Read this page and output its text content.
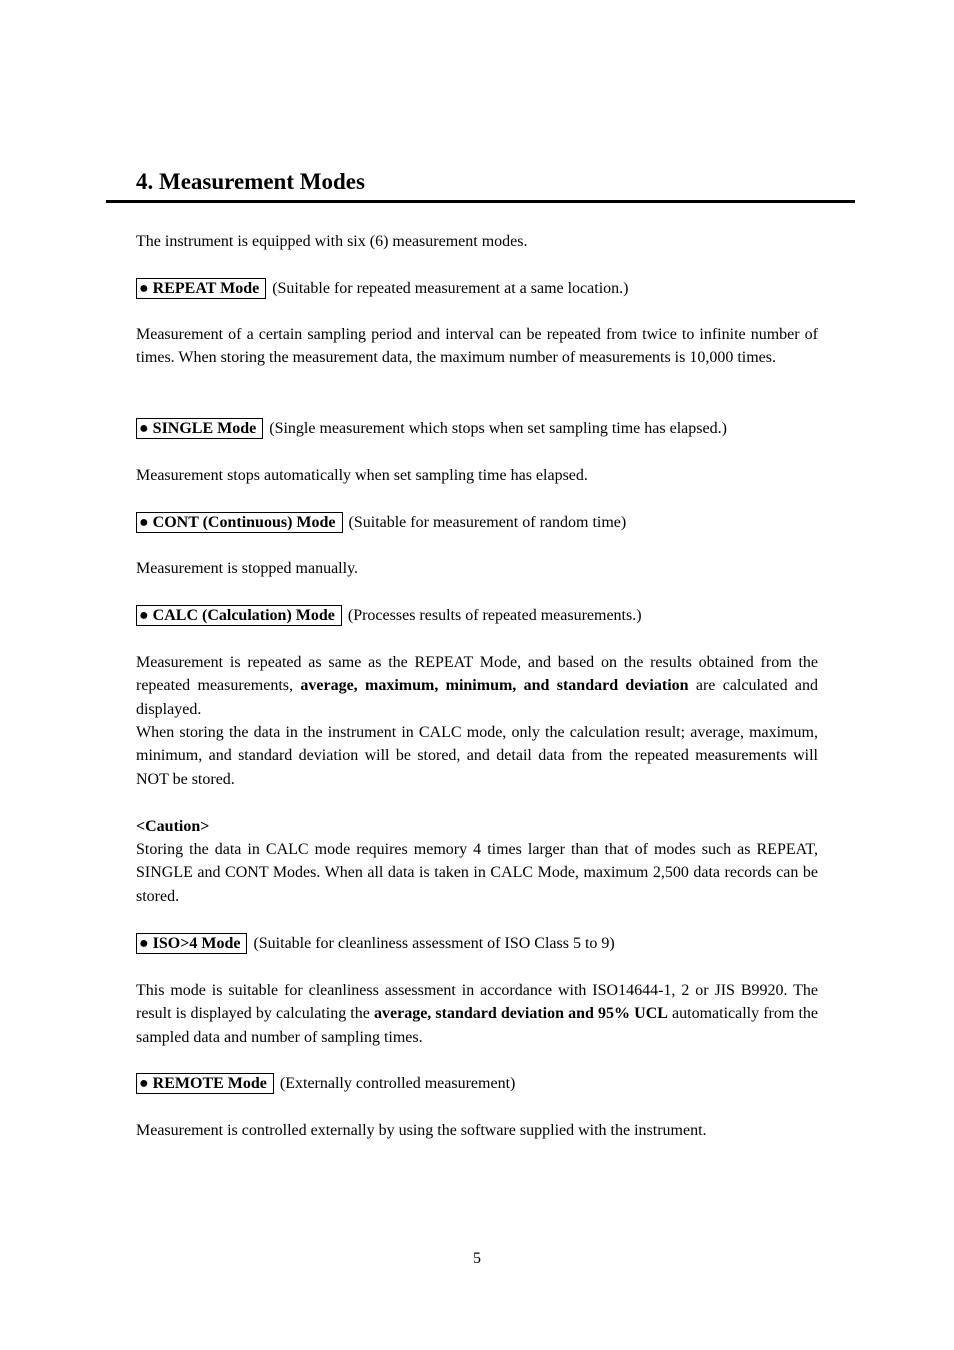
4. Measurement Modes

The instrument is equipped with six (6) measurement modes.

● REPEAT Mode (Suitable for repeated measurement at a same location.)

Measurement of a certain sampling period and interval can be repeated from twice to infinite number of times. When storing the measurement data, the maximum number of measurements is 10,000 times.

● SINGLE Mode (Single measurement which stops when set sampling time has elapsed.)

Measurement stops automatically when set sampling time has elapsed.

● CONT (Continuous) Mode (Suitable for measurement of random time)

Measurement is stopped manually.

● CALC (Calculation) Mode (Processes results of repeated measurements.)

Measurement is repeated as same as the REPEAT Mode, and based on the results obtained from the repeated measurements, average, maximum, minimum, and standard deviation are calculated and displayed.

When storing the data in the instrument in CALC mode, only the calculation result; average, maximum, minimum, and standard deviation will be stored, and detail data from the repeated measurements will NOT be stored.

<Caution>

Storing the data in CALC mode requires memory 4 times larger than that of modes such as REPEAT, SINGLE and CONT Modes. When all data is taken in CALC Mode, maximum 2,500 data records can be stored.

● ISO>4 Mode (Suitable for cleanliness assessment of ISO Class 5 to 9)

This mode is suitable for cleanliness assessment in accordance with ISO14644-1, 2 or JIS B9920. The result is displayed by calculating the average, standard deviation and 95% UCL automatically from the sampled data and number of sampling times.

● REMOTE Mode (Externally controlled measurement)

Measurement is controlled externally by using the software supplied with the instrument.

5
